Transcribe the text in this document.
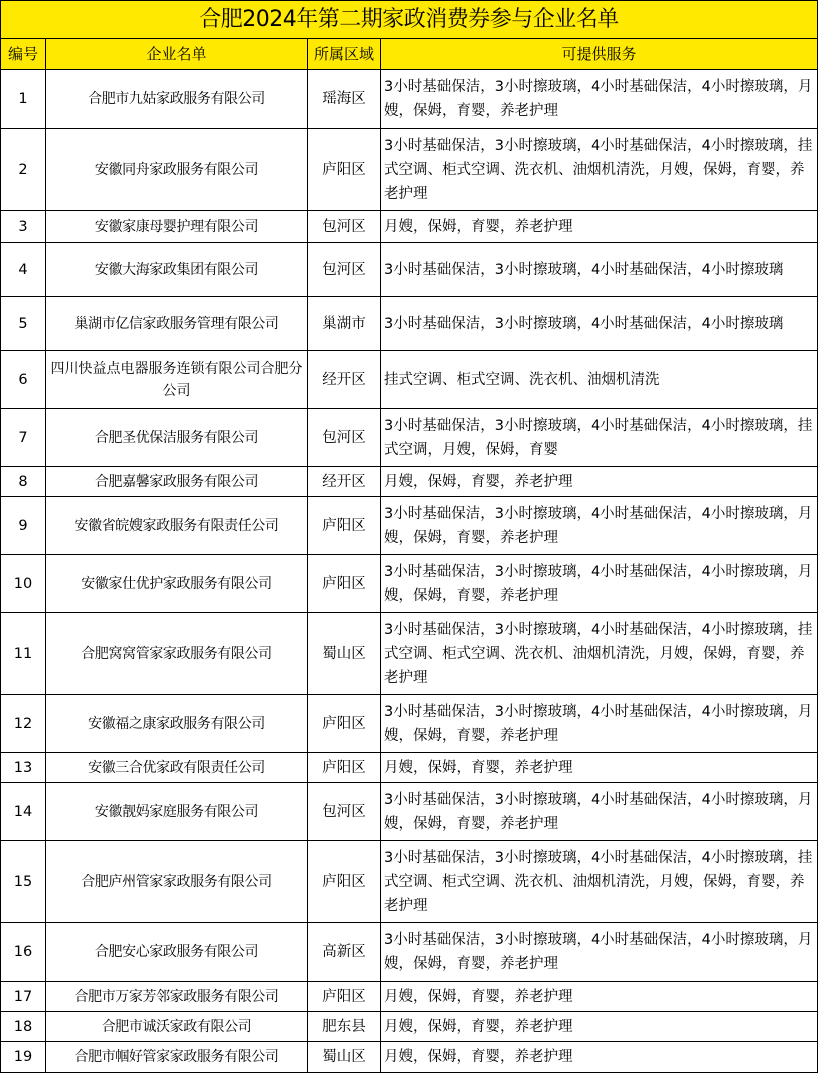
合肥2024年第二期家政消费券参与企业名单			
编号	企业名单	所属区域	可提供服务
1	合肥市九姑家政服务有限公司	瑶海区	3小时基础保洁，3小时擦玻璃，4小时基础保洁，4小时擦玻璃，月嫂，保姆，育婴，养老护理
2	安徽同舟家政服务有限公司	庐阳区	3小时基础保洁，3小时擦玻璃，4小时基础保洁，4小时擦玻璃，挂式空调、柜式空调、洗衣机、油烟机清洗，月嫂，保姆，育婴，养老护理
3	安徽家康母婴护理有限公司	包河区	月嫂，保姆，育婴，养老护理
4	安徽大海家政集团有限公司	包河区	3小时基础保洁，3小时擦玻璃，4小时基础保洁，4小时擦玻璃
5	巢湖市亿信家政服务管理有限公司	巢湖市	3小时基础保洁，3小时擦玻璃，4小时基础保洁，4小时擦玻璃
6	四川快益点电器服务连锁有限公司合肥分公司	经开区	挂式空调、柜式空调、洗衣机、油烟机清洗
7	合肥圣优保洁服务有限公司	包河区	3小时基础保洁，3小时擦玻璃，4小时基础保洁，4小时擦玻璃，挂式空调，月嫂，保姆，育婴
8	合肥嘉馨家政服务有限公司	经开区	月嫂，保姆，育婴，养老护理
9	安徽省皖嫂家政服务有限责任公司	庐阳区	3小时基础保洁，3小时擦玻璃，4小时基础保洁，4小时擦玻璃，月嫂，保姆，育婴，养老护理
10	安徽家仕优护家政服务有限公司	庐阳区	3小时基础保洁，3小时擦玻璃，4小时基础保洁，4小时擦玻璃，月嫂，保姆，育婴，养老护理
11	合肥窝窝管家家政服务有限公司	蜀山区	3小时基础保洁，3小时擦玻璃，4小时基础保洁，4小时擦玻璃，挂式空调、柜式空调、洗衣机、油烟机清洗，月嫂，保姆，育婴，养老护理
12	安徽福之康家政服务有限公司	庐阳区	3小时基础保洁，3小时擦玻璃，4小时基础保洁，4小时擦玻璃，月嫂，保姆，育婴，养老护理
13	安徽三合优家政有限责任公司	庐阳区	月嫂，保姆，育婴，养老护理
14	安徽靓妈家庭服务有限公司	包河区	3小时基础保洁，3小时擦玻璃，4小时基础保洁，4小时擦玻璃，月嫂，保姆，育婴，养老护理
15	合肥庐州管家家政服务有限公司	庐阳区	3小时基础保洁，3小时擦玻璃，4小时基础保洁，4小时擦玻璃，挂式空调、柜式空调、洗衣机、油烟机清洗，月嫂，保姆，育婴，养老护理
16	合肥安心家政服务有限公司	高新区	3小时基础保洁，3小时擦玻璃，4小时基础保洁，4小时擦玻璃，月嫂，保姆，育婴，养老护理
17	合肥市万家芳邻家政服务有限公司	庐阳区	月嫂，保姆，育婴，养老护理
18	合肥市诚沃家政有限公司	肥东县	月嫂，保姆，育婴，养老护理
19	合肥市帼好管家家政服务有限公司	蜀山区	月嫂，保姆，育婴，养老护理
